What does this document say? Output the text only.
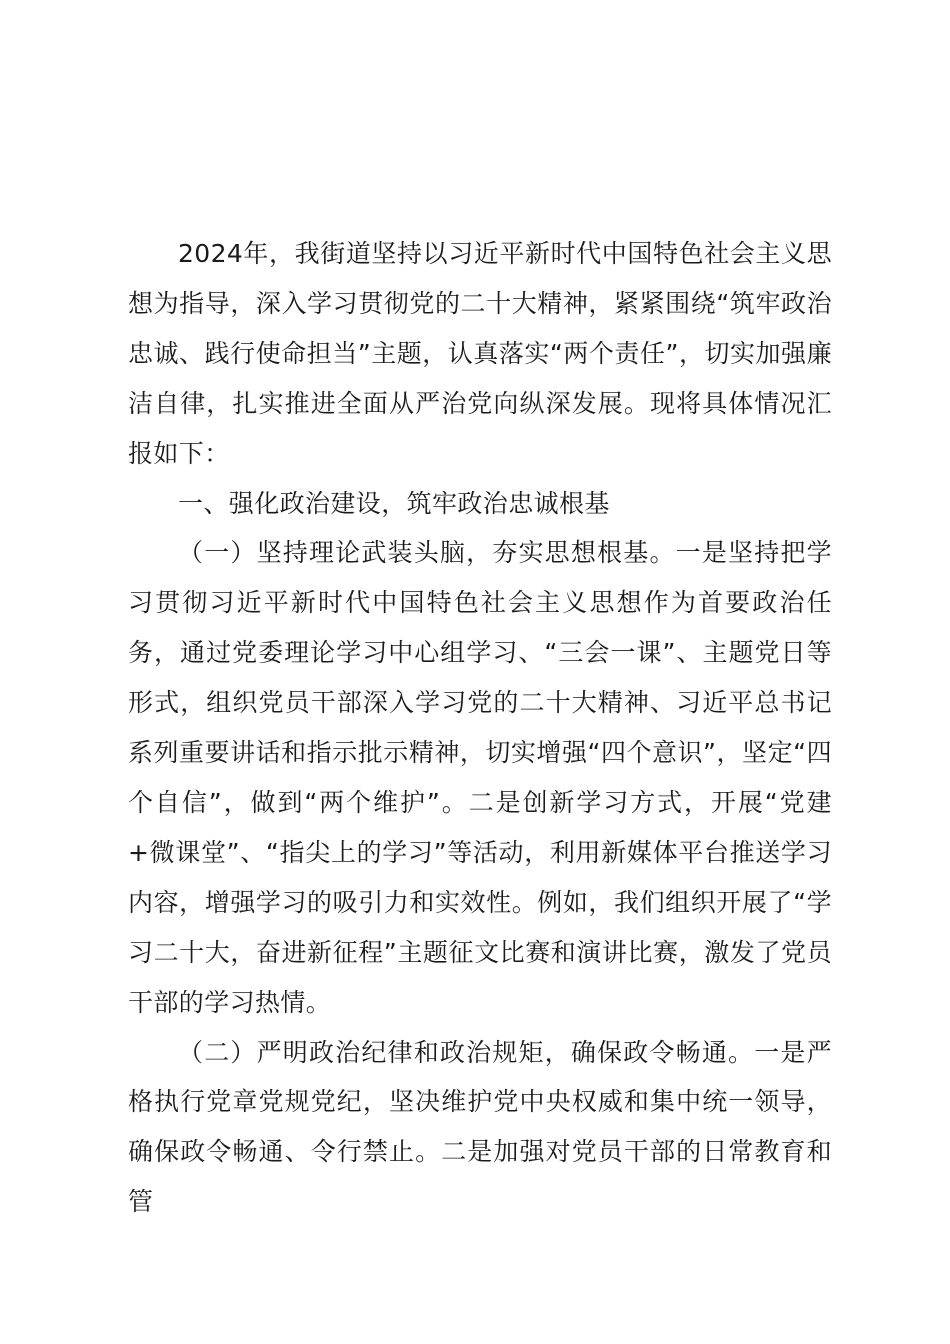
2024年，我街道坚持以习近平新时代中国特色社会主义思想为指导，深入学习贯彻党的二十大精神，紧紧围绕“筑牢政治忠诚、践行使命担当”主题，认真落实“两个责任”，切实加强廉洁自律，扎实推进全面从严治党向纵深发展。现将具体情况汇报如下：

一、强化政治建设，筑牢政治忠诚根基

（一）坚持理论武装头脑，夯实思想根基。一是坚持把学习贯彻习近平新时代中国特色社会主义思想作为首要政治任务，通过党委理论学习中心组学习、“三会一课”、主题党日等形式，组织党员干部深入学习党的二十大精神、习近平总书记系列重要讲话和指示批示精神，切实增强“四个意识”，坚定“四个自信”，做到“两个维护”。二是创新学习方式，开展“党建+微课堂”、“指尖上的学习”等活动，利用新媒体平台推送学习内容，增强学习的吸引力和实效性。例如，我们组织开展了“学习二十大，奋进新征程”主题征文比赛和演讲比赛，激发了党员干部的学习热情。

（二）严明政治纪律和政治规矩，确保政令畅通。一是严格执行党章党规党纪，坚决维护党中央权威和集中统一领导，确保政令畅通、令行禁止。二是加强对党员干部的日常教育和管
